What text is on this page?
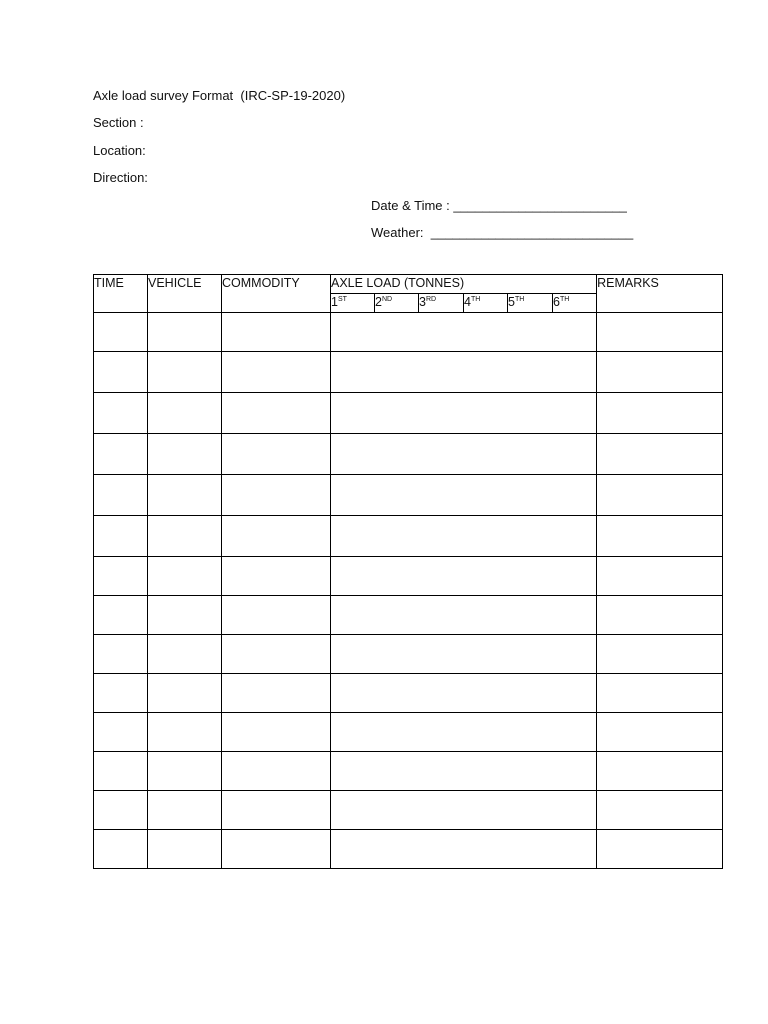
Axle load survey Format  (IRC-SP-19-2020)
Section :
Location:
Direction:
Date & Time : ________________________
Weather:  ____________________________
TIME	VEHICLE	COMMODITY	AXLE LOAD (TONNES)						REMARKS
			1ST	2ND	3RD	4TH	5TH	6TH
